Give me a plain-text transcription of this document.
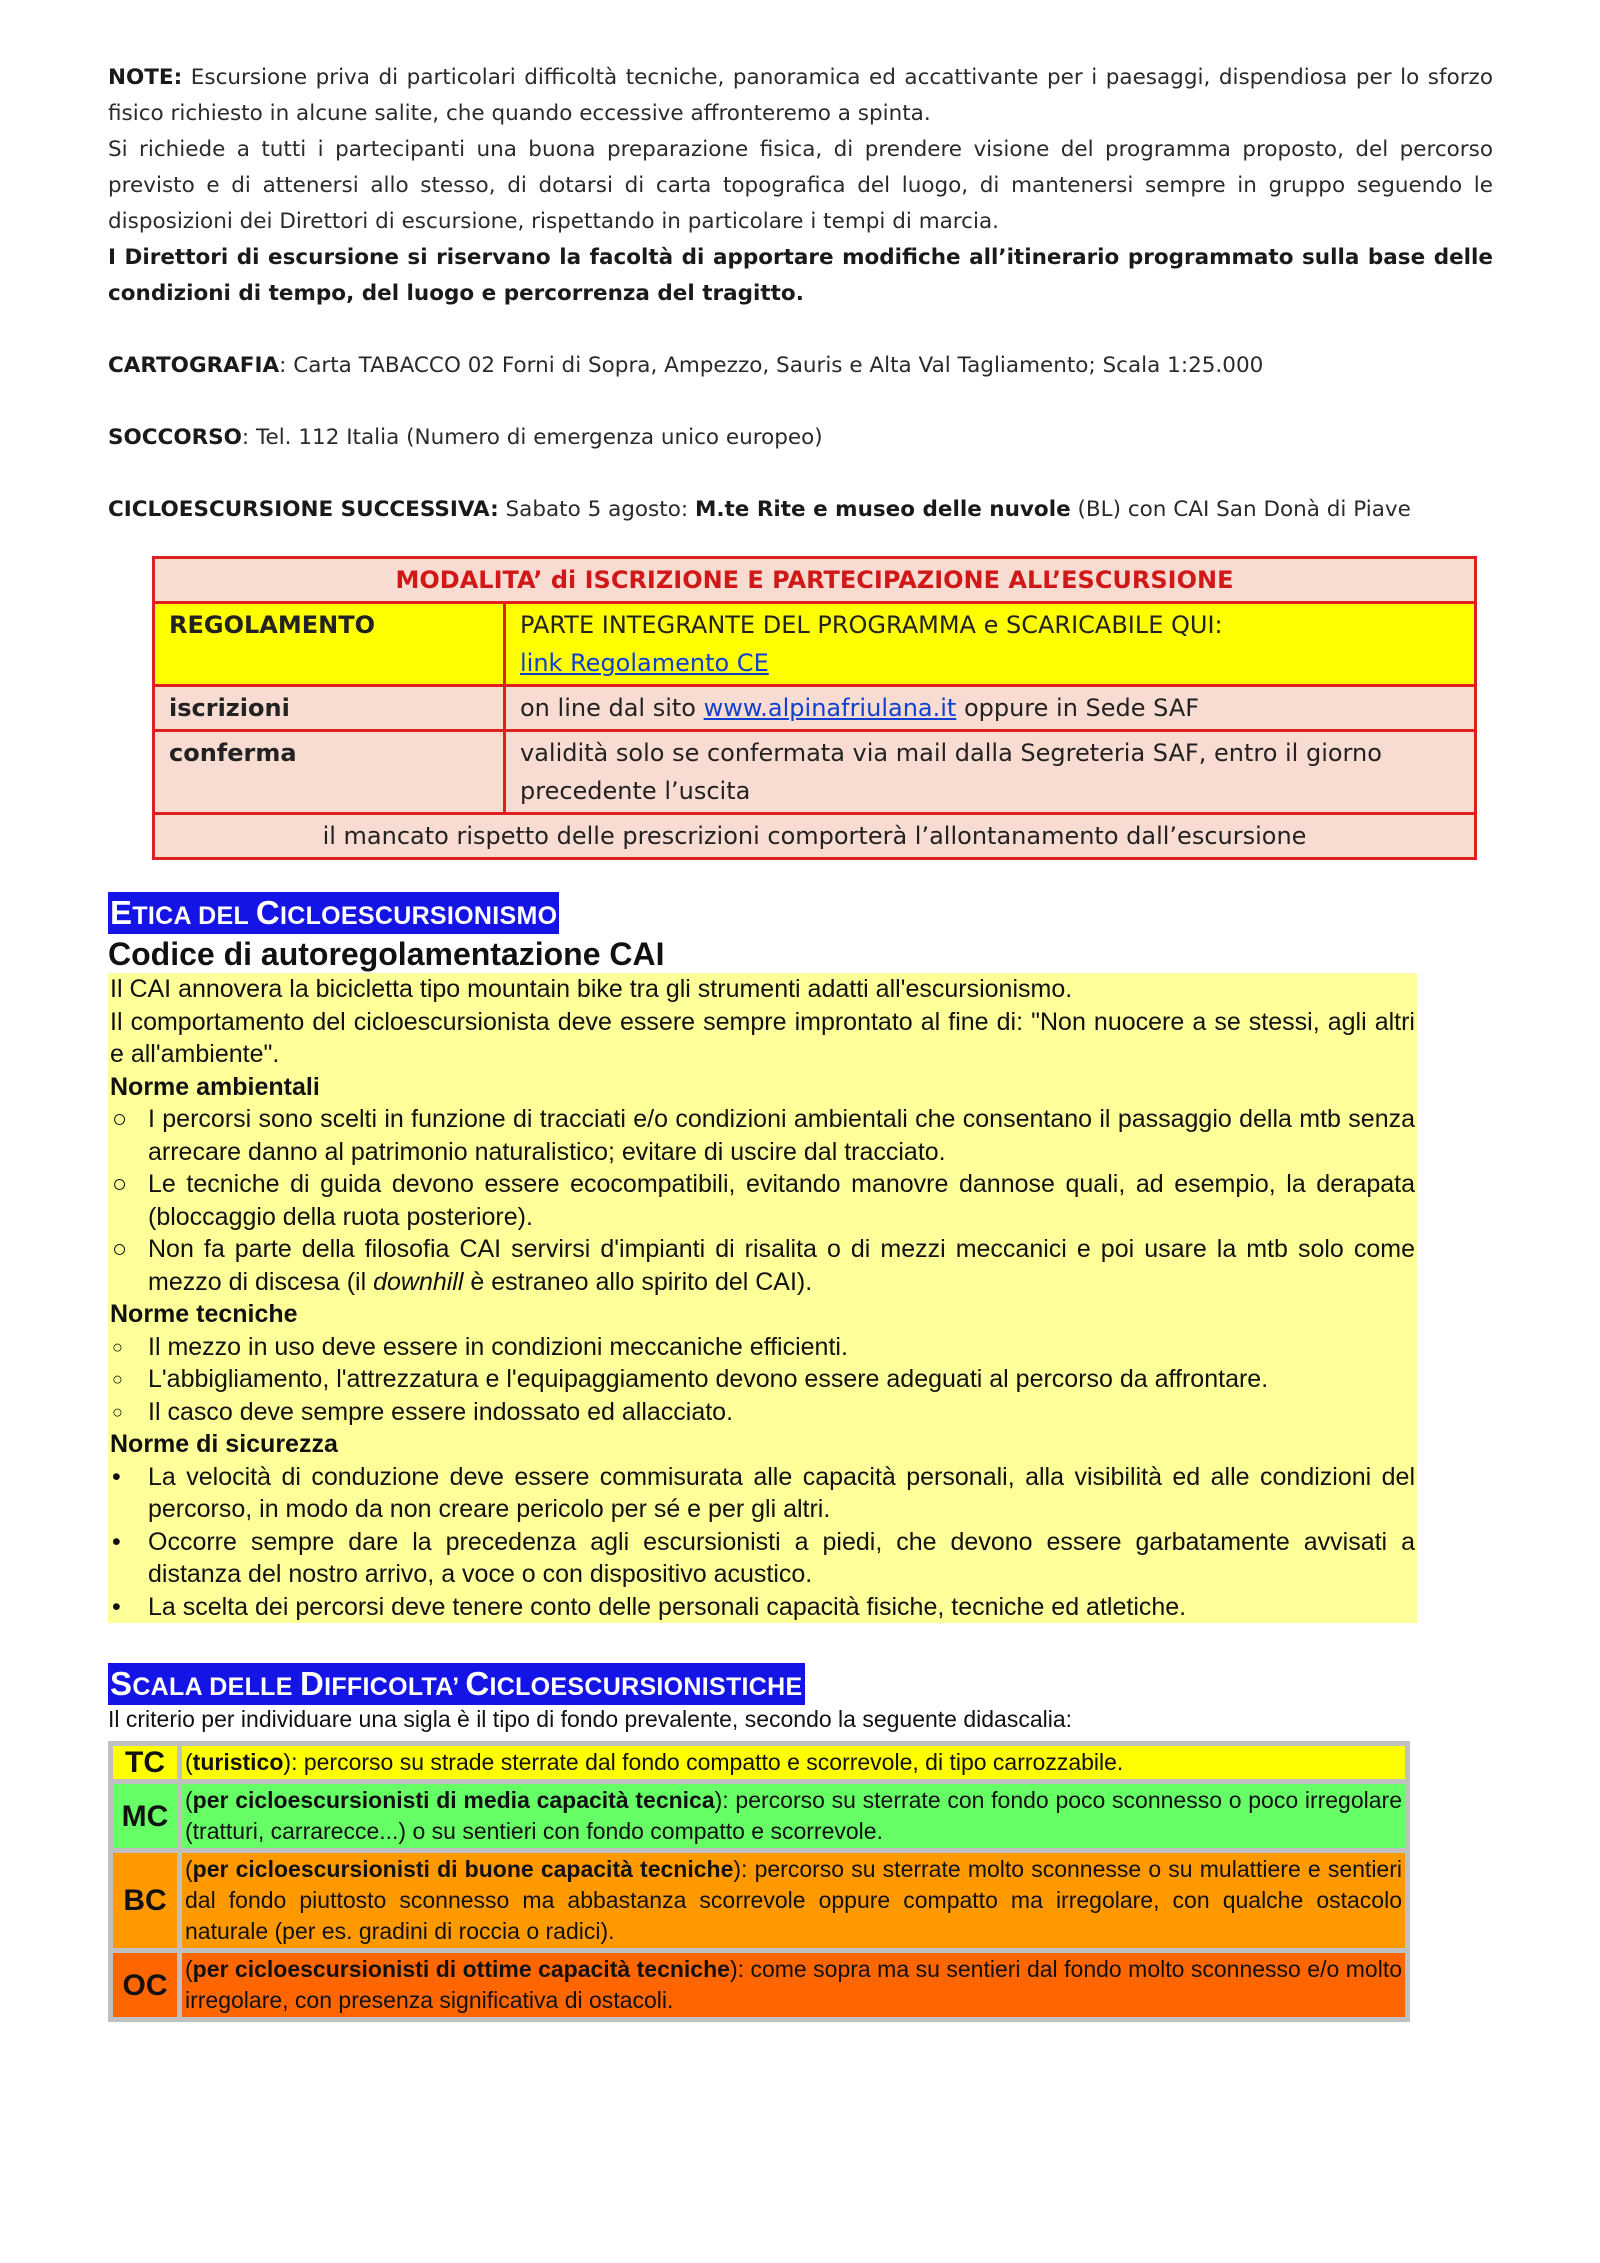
NOTE: Escursione priva di particolari difficoltà tecniche, panoramica ed accattivante per i paesaggi, dispendiosa per lo sforzo fisico richiesto in alcune salite, che quando eccessive affronteremo a spinta.

Si richiede a tutti i partecipanti una buona preparazione fisica, di prendere visione del programma proposto, del percorso previsto e di attenersi allo stesso, di dotarsi di carta topografica del luogo, di mantenersi sempre in gruppo seguendo le disposizioni dei Direttori di escursione, rispettando in particolare i tempi di marcia.

I Direttori di escursione si riservano la facoltà di apportare modifiche all’itinerario programmato sulla base delle condizioni di tempo, del luogo e percorrenza del tragitto.

CARTOGRAFIA: Carta TABACCO 02 Forni di Sopra, Ampezzo, Sauris e Alta Val Tagliamento; Scala 1:25.000

SOCCORSO: Tel. 112 Italia (Numero di emergenza unico europeo)

CICLOESCURSIONE SUCCESSIVA: Sabato 5 agosto: M.te Rite e museo delle nuvole (BL) con CAI San Donà di Piave

MODALITA’ di ISCRIZIONE E PARTECIPAZIONE ALL’ESCURSIONE	
REGOLAMENTO	PARTE INTEGRANTE DEL PROGRAMMA e SCARICABILE QUI:
link Regolamento CE
iscrizioni	on line dal sito www.alpinafriulana.it oppure in Sede SAF
conferma	validità solo se confermata via mail dalla Segreteria SAF, entro il giorno precedente l’uscita
il mancato rispetto delle prescrizioni comporterà l’allontanamento dall’escursione	
ETICA DEL CICLOESCURSIONISMO
Codice di autoregolamentazione CAI

Il CAI annovera la bicicletta tipo mountain bike tra gli strumenti adatti all'escursionismo.

Il comportamento del cicloescursionista deve essere sempre improntato al fine di: "Non nuocere a se stessi, agli altri e all'ambiente".

Norme ambientali
○ I percorsi sono scelti in funzione di tracciati e/o condizioni ambientali che consentano il passaggio della mtb senza arrecare danno al patrimonio naturalistico; evitare di uscire dal tracciato.
○ Le tecniche di guida devono essere ecocompatibili, evitando manovre dannose quali, ad esempio, la derapata (bloccaggio della ruota posteriore).
○ Non fa parte della filosofia CAI servirsi d'impianti di risalita o di mezzi meccanici e poi usare la mtb solo come mezzo di discesa (il downhill è estraneo allo spirito del CAI).
Norme tecniche
○ Il mezzo in uso deve essere in condizioni meccaniche efficienti.
○ L'abbigliamento, l'attrezzatura e l'equipaggiamento devono essere adeguati al percorso da affrontare.
○ Il casco deve sempre essere indossato ed allacciato.
Norme di sicurezza
• La velocità di conduzione deve essere commisurata alle capacità personali, alla visibilità ed alle condizioni del percorso, in modo da non creare pericolo per sé e per gli altri.
• Occorre sempre dare la precedenza agli escursionisti a piedi, che devono essere garbatamente avvisati a distanza del nostro arrivo, a voce o con dispositivo acustico.
• La scelta dei percorsi deve tenere conto delle personali capacità fisiche, tecniche ed atletiche.
SCALA DELLE DIFFICOLTA’ CICLOESCURSIONISTICHE

Il criterio per individuare una sigla è il tipo di fondo prevalente, secondo la seguente didascalia:

TC	(turistico): percorso su strade sterrate dal fondo compatto e scorrevole, di tipo carrozzabile.
MC	(per cicloescursionisti di media capacità tecnica): percorso su sterrate con fondo poco sconnesso o poco irregolare (tratturi, carrarecce...) o su sentieri con fondo compatto e scorrevole.
BC	(per cicloescursionisti di buone capacità tecniche): percorso su sterrate molto sconnesse o su mulattiere e sentieri dal fondo piuttosto sconnesso ma abbastanza scorrevole oppure compatto ma irregolare, con qualche ostacolo naturale (per es. gradini di roccia o radici).
OC	(per cicloescursionisti di ottime capacità tecniche): come sopra ma su sentieri dal fondo molto sconnesso e/o molto irregolare, con presenza significativa di ostacoli.
